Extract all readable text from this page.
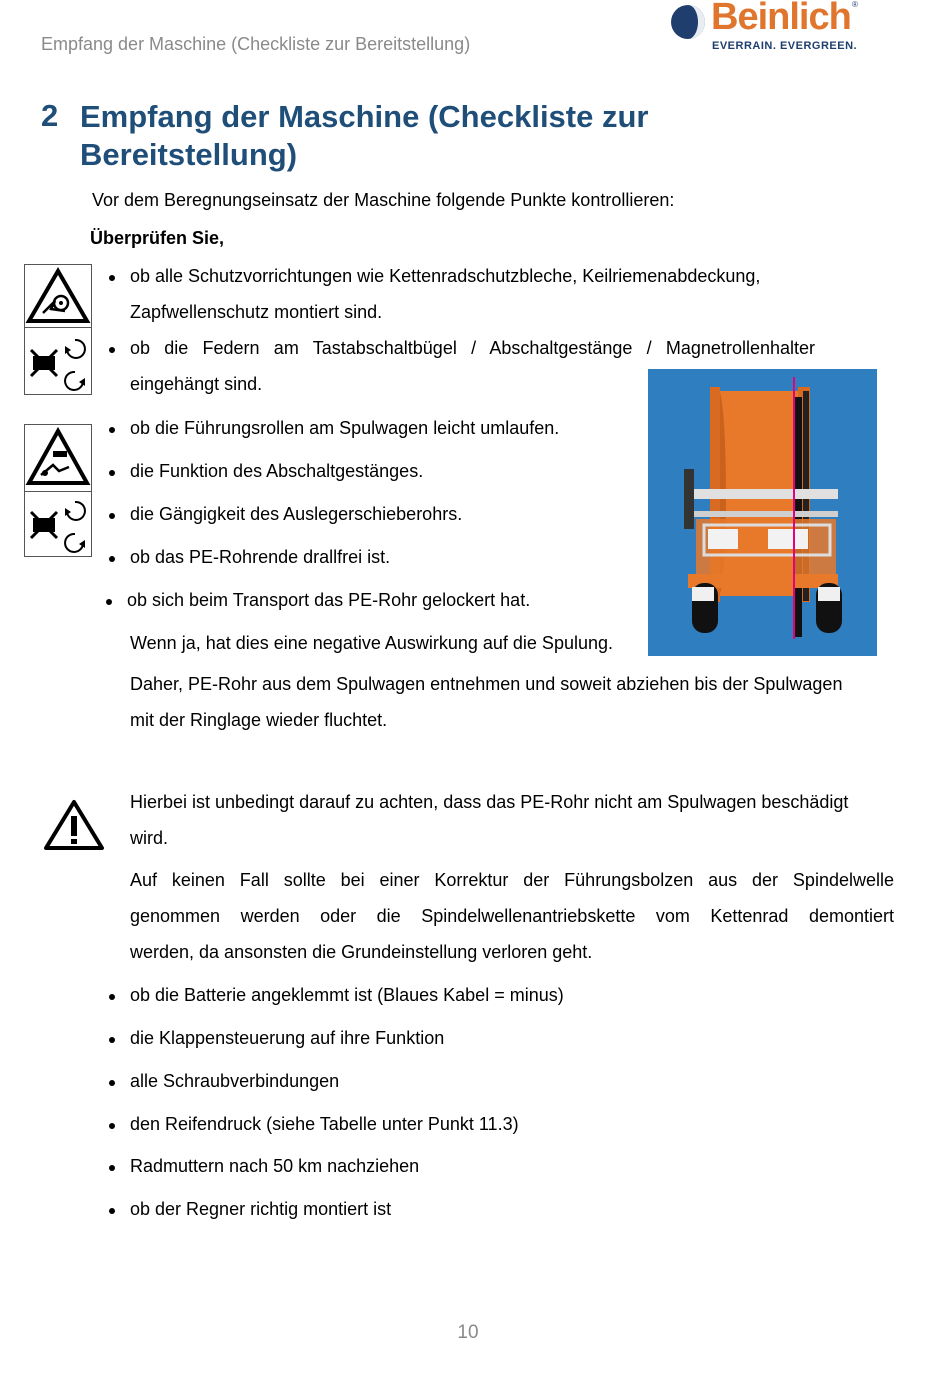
Empfang der Maschine (Checkliste zur Bereitstellung)
Beinlich ®
EVERRAIN. EVERGREEN.
2 Empfang der Maschine (Checkliste zur
Bereitstellung)
Vor dem Beregnungseinsatz der Maschine folgende Punkte kontrollieren:
Überprüfen Sie,
ob alle Schutzvorrichtungen wie Kettenradschutzbleche, Keilriemenabdeckung,
Zapfwellenschutz montiert sind.
ob die Federn am Tastabschaltbügel / Abschaltgestänge / Magnetrollenhalter
eingehängt sind.
ob die Führungsrollen am Spulwagen leicht umlaufen.
die Funktion des Abschaltgestänges.
die Gängigkeit des Auslegerschieberohrs.
ob das PE-Rohrende drallfrei ist.
ob sich beim Transport das PE-Rohr gelockert hat.
Wenn ja, hat dies eine negative Auswirkung auf die Spulung.
Daher, PE-Rohr aus dem Spulwagen entnehmen und soweit abziehen bis der Spulwagen
mit der Ringlage wieder fluchtet.
Hierbei ist unbedingt darauf zu achten, dass das PE-Rohr nicht am Spulwagen beschädigt
wird.
Auf keinen Fall sollte bei einer Korrektur der Führungsbolzen aus der Spindelwelle
genommen werden oder die Spindelwellenantriebskette vom Kettenrad demontiert
werden, da ansonsten die Grundeinstellung verloren geht.
ob die Batterie angeklemmt ist (Blaues Kabel = minus)
die Klappensteuerung auf ihre Funktion
alle Schraubverbindungen
den Reifendruck (siehe Tabelle unter Punkt 11.3)
Radmuttern nach 50 km nachziehen
ob der Regner richtig montiert ist
10
